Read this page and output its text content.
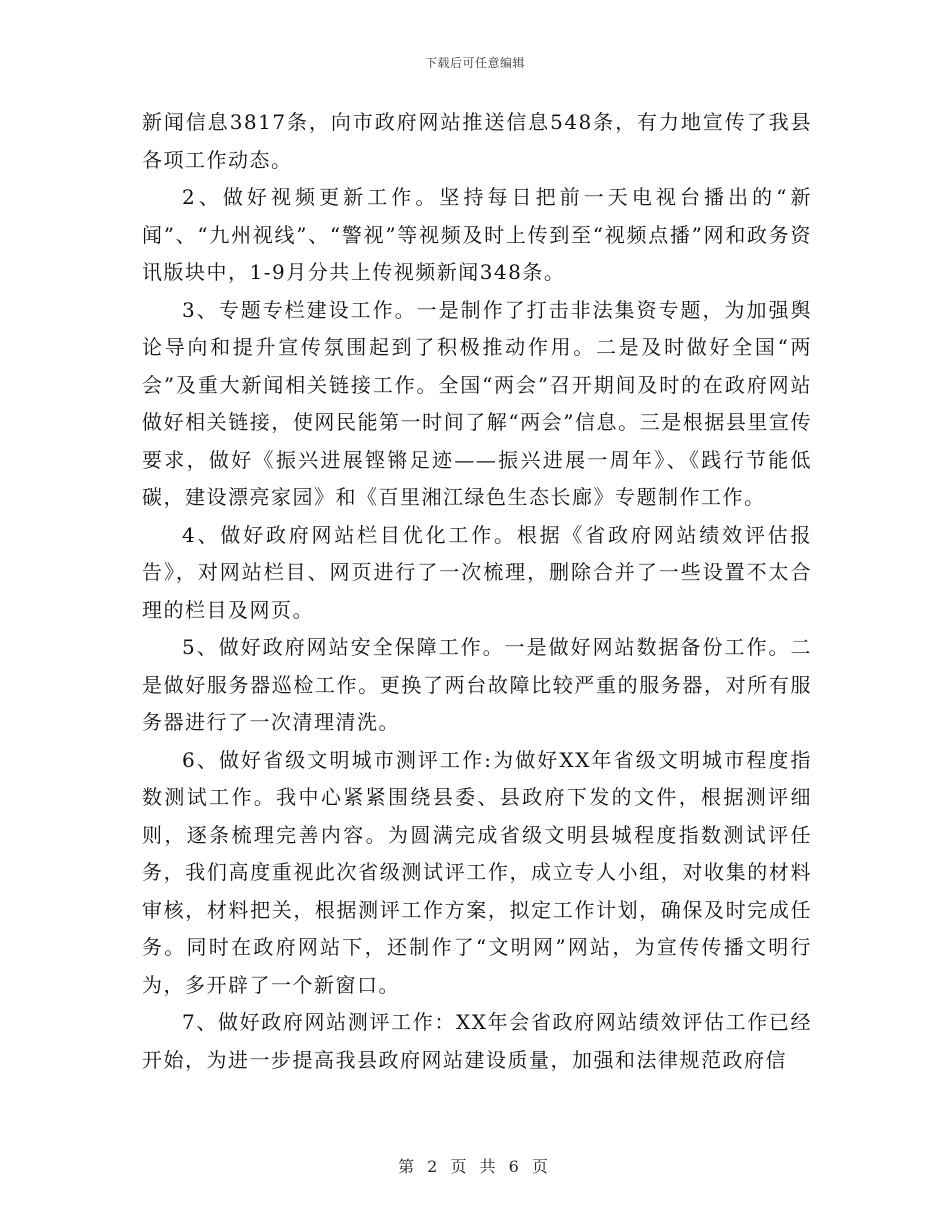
下载后可任意编辑

新闻信息3817条，向市政府网站推送信息548条，有力地宣传了我县各项工作动态。

2、做好视频更新工作。坚持每日把前一天电视台播出的“新闻”、“九州视线”、“警视”等视频及时上传到至“视频点播”网和政务资讯版块中，1-9月分共上传视频新闻348条。

3、专题专栏建设工作。一是制作了打击非法集资专题，为加强舆论导向和提升宣传氛围起到了积极推动作用。二是及时做好全国“两会”及重大新闻相关链接工作。全国“两会”召开期间及时的在政府网站做好相关链接，使网民能第一时间了解“两会”信息。三是根据县里宣传要求，做好《振兴进展铿锵足迹——振兴进展一周年》、《践行节能低碳，建设漂亮家园》和《百里湘江绿色生态长廊》专题制作工作。

4、做好政府网站栏目优化工作。根据《省政府网站绩效评估报告》，对网站栏目、网页进行了一次梳理，删除合并了一些设置不太合理的栏目及网页。

5、做好政府网站安全保障工作。一是做好网站数据备份工作。二是做好服务器巡检工作。更换了两台故障比较严重的服务器，对所有服务器进行了一次清理清洗。

6、做好省级文明城市测评工作:为做好XX年省级文明城市程度指数测试工作。我中心紧紧围绕县委、县政府下发的文件，根据测评细则，逐条梳理完善内容。为圆满完成省级文明县城程度指数测试评任务，我们高度重视此次省级测试评工作，成立专人小组，对收集的材料审核，材料把关，根据测评工作方案，拟定工作计划，确保及时完成任务。同时在政府网站下，还制作了“文明网”网站，为宣传传播文明行为，多开辟了一个新窗口。

7、做好政府网站测评工作：XX年会省政府网站绩效评估工作已经开始，为进一步提高我县政府网站建设质量，加强和法律规范政府信

第 2 页 共 6 页
